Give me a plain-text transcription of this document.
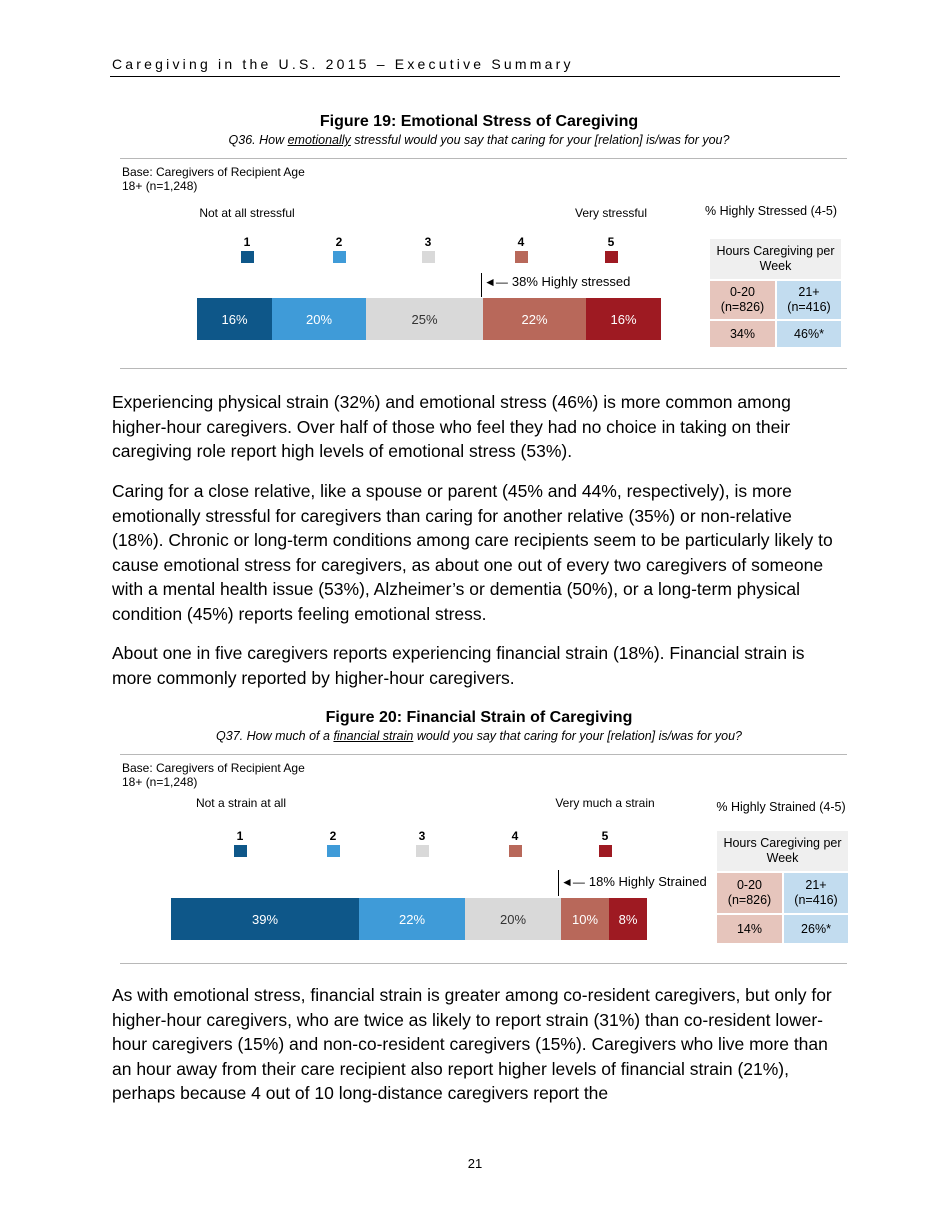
Caregiving in the U.S. 2015 – Executive Summary
Figure 19: Emotional Stress of Caregiving
Q36. How emotionally stressful would you say that caring for your [relation] is/was for you?
Base: Caregivers of Recipient Age 18+ (n=1,248)
Not at all stressful	Very stressful
1	2	3	4	5
◄— 38% Highly stressed
16%	20%	25%	22%	16%
% Highly Stressed (4-5)
Hours Caregiving per Week
0-20 (n=826)
21+ (n=416)
34%	46%*
Experiencing physical strain (32%) and emotional stress (46%) is more common among higher-hour caregivers. Over half of those who feel they had no choice in taking on their caregiving role report high levels of emotional stress (53%).
Caring for a close relative, like a spouse or parent (45% and 44%, respectively), is more emotionally stressful for caregivers than caring for another relative (35%) or non-relative (18%). Chronic or long-term conditions among care recipients seem to be particularly likely to cause emotional stress for caregivers, as about one out of every two caregivers of someone with a mental health issue (53%), Alzheimer’s or dementia (50%), or a long-term physical condition (45%) reports feeling emotional stress.
About one in five caregivers reports experiencing financial strain (18%). Financial strain is more commonly reported by higher-hour caregivers.
Figure 20: Financial Strain of Caregiving
Q37. How much of a financial strain would you say that caring for your [relation] is/was for you?
Base: Caregivers of Recipient Age 18+ (n=1,248)
Not a strain at all	Very much a strain
1	2	3	4	5
◄— 18% Highly Strained
39%	22%	20%	10% 8%
% Highly Strained (4-5)
Hours Caregiving per Week
0-20 (n=826)
21+ (n=416)
14%	26%*
As with emotional stress, financial strain is greater among co-resident caregivers, but only for higher-hour caregivers, who are twice as likely to report strain (31%) than co-resident lower-hour caregivers (15%) and non-co-resident caregivers (15%). Caregivers who live more than an hour away from their care recipient also report higher levels of financial strain (21%), perhaps because 4 out of 10 long-distance caregivers report the
21
